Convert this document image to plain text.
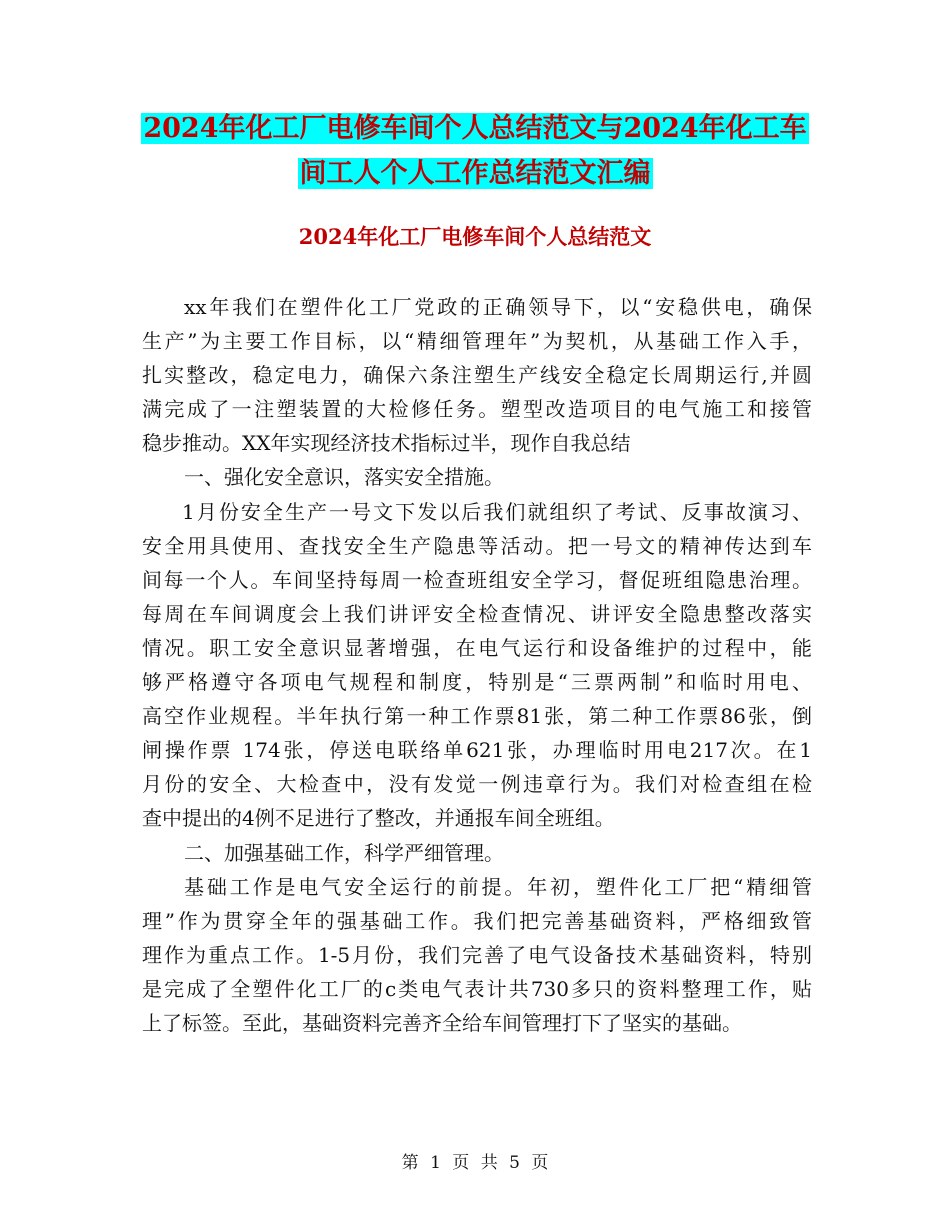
2024年化工厂电修车间个人总结范文与2024年化工车
间工人个人工作总结范文汇编
2024年化工厂电修车间个人总结范文
xx年我们在塑件化工厂党政的正确领导下，以“安稳供电，确保
生产”为主要工作目标，以“精细管理年”为契机，从基础工作入手，
扎实整改，稳定电力，确保六条注塑生产线安全稳定长周期运行,并圆
满完成了一注塑装置的大检修任务。塑型改造项目的电气施工和接管
稳步推动。XX年实现经济技术指标过半，现作自我总结
一、强化安全意识，落实安全措施。
1月份安全生产一号文下发以后我们就组织了考试、反事故演习、
安全用具使用、查找安全生产隐患等活动。把一号文的精神传达到车
间每一个人。车间坚持每周一检查班组安全学习，督促班组隐患治理。
每周在车间调度会上我们讲评安全检查情况、讲评安全隐患整改落实
情况。职工安全意识显著增强，在电气运行和设备维护的过程中，能
够严格遵守各项电气规程和制度，特别是“三票两制”和临时用电、
高空作业规程。半年执行第一种工作票81张，第二种工作票86张，倒
闸操作票 174张，停送电联络单621张，办理临时用电217次。在1
月份的安全、大检查中，没有发觉一例违章行为。我们对检查组在检
查中提出的4例不足进行了整改，并通报车间全班组。
二、加强基础工作，科学严细管理。
基础工作是电气安全运行的前提。年初，塑件化工厂把“精细管
理”作为贯穿全年的强基础工作。我们把完善基础资料，严格细致管
理作为重点工作。1-5月份，我们完善了电气设备技术基础资料，特别
是完成了全塑件化工厂的c类电气表计共730多只的资料整理工作，贴
上了标签。至此，基础资料完善齐全给车间管理打下了坚实的基础。
第 1 页 共 5 页
